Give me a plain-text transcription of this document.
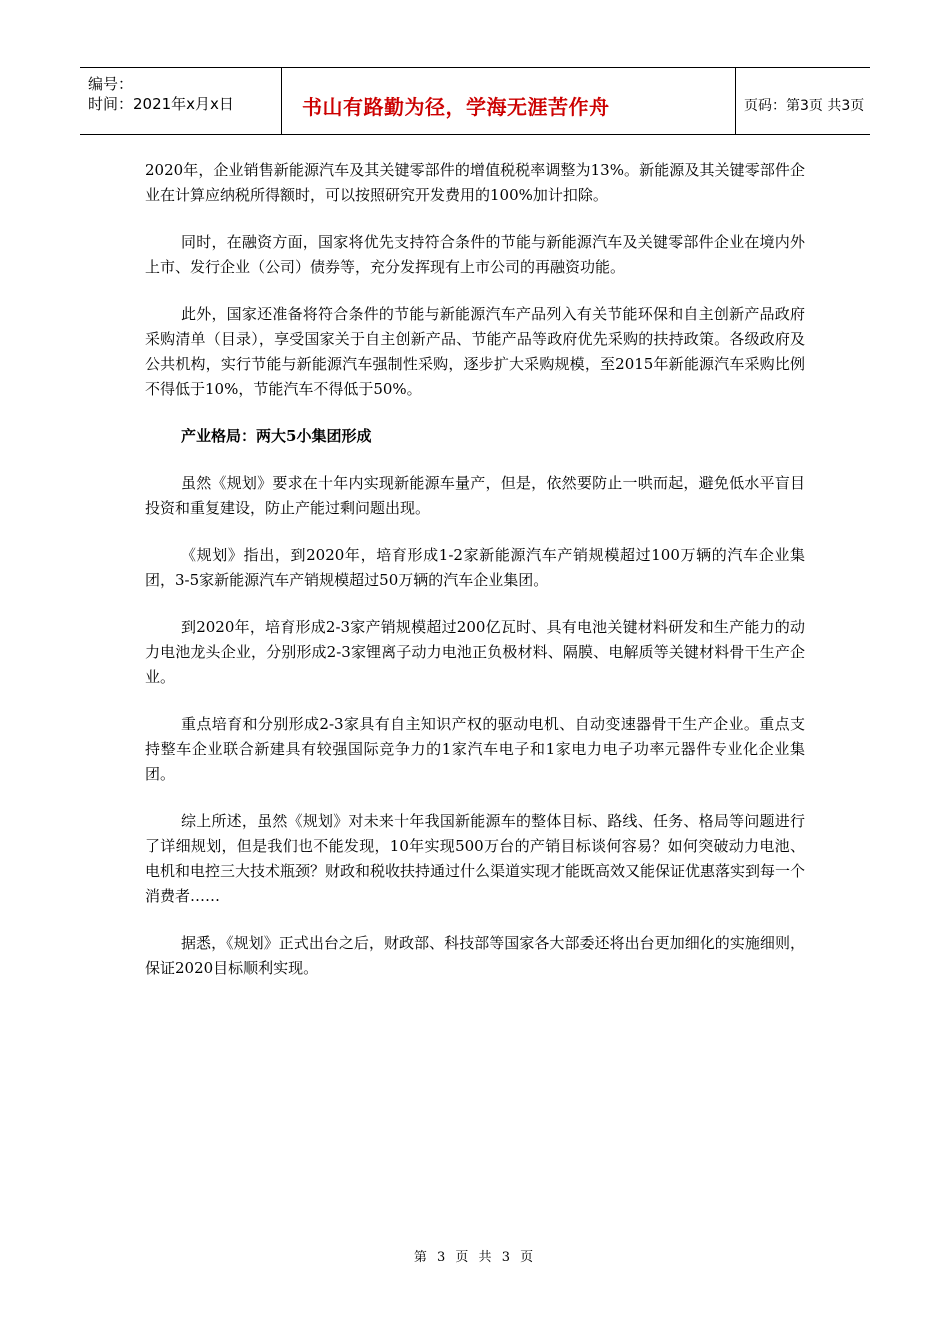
编号：
时间：2021年x月x日	书山有路勤为径，学海无涯苦作舟	页码：第3页 共3页

2020年，企业销售新能源汽车及其关键零部件的增值税税率调整为13%。新能源及其关键零部件企业在计算应纳税所得额时，可以按照研究开发费用的100%加计扣除。

同时，在融资方面，国家将优先支持符合条件的节能与新能源汽车及关键零部件企业在境内外上市、发行企业（公司）债券等，充分发挥现有上市公司的再融资功能。

此外，国家还准备将符合条件的节能与新能源汽车产品列入有关节能环保和自主创新产品政府采购清单（目录），享受国家关于自主创新产品、节能产品等政府优先采购的扶持政策。各级政府及公共机构，实行节能与新能源汽车强制性采购，逐步扩大采购规模，至2015年新能源汽车采购比例不得低于10%，节能汽车不得低于50%。

产业格局：两大5小集团形成

虽然《规划》要求在十年内实现新能源车量产，但是，依然要防止一哄而起，避免低水平盲目投资和重复建设，防止产能过剩问题出现。

《规划》指出，到2020年，培育形成1-2家新能源汽车产销规模超过100万辆的汽车企业集团，3-5家新能源汽车产销规模超过50万辆的汽车企业集团。

到2020年，培育形成2-3家产销规模超过200亿瓦时、具有电池关键材料研发和生产能力的动力电池龙头企业，分别形成2-3家锂离子动力电池正负极材料、隔膜、电解质等关键材料骨干生产企业。

重点培育和分别形成2-3家具有自主知识产权的驱动电机、自动变速器骨干生产企业。重点支持整车企业联合新建具有较强国际竞争力的1家汽车电子和1家电力电子功率元器件专业化企业集团。

综上所述，虽然《规划》对未来十年我国新能源车的整体目标、路线、任务、格局等问题进行了详细规划，但是我们也不能发现，10年实现500万台的产销目标谈何容易？如何突破动力电池、电机和电控三大技术瓶颈？财政和税收扶持通过什么渠道实现才能既高效又能保证优惠落实到每一个消费者……

据悉，《规划》正式出台之后，财政部、科技部等国家各大部委还将出台更加细化的实施细则，保证2020目标顺利实现。

第 3 页 共 3 页
